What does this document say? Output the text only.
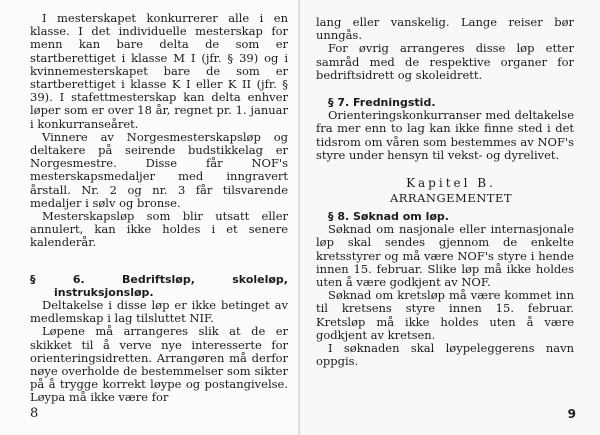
I mesterskapet konkurrerer alle i en klasse. I det individuelle mesterskap for menn kan bare delta de som er startberettiget i klasse M I (jfr. § 39) og i kvinnemesterskapet bare de som er startberettiget i klasse K I eller K II (jfr. § 39). I stafettmesterskap kan delta enhver løper som er over 18 år, regnet pr. 1. januar i konkurranseåret.

Vinnere av Norgesmesterskapsløp og deltakere på seirende budstikkelag er Norgesmestre. Disse får NOF's mesterskapsmedaljer med inngravert årstall. Nr. 2 og nr. 3 får tilsvarende medaljer i sølv og bronse.

Mesterskapsløp som blir utsatt eller annulert, kan ikke holdes i et senere kalenderår.

§ 6. Bedriftsløp, skoleløp, instruksjonsløp.

Deltakelse i disse løp er ikke betinget av medlemskap i lag tilsluttet NIF.

Løpene må arrangeres slik at de er skikket til å verve nye interesserte for orienteringsidretten. Arrangøren må derfor nøye overholde de bestemmelser som sikter på å trygge korrekt løype og postangivelse. Løypa må ikke være for

8

lang eller vanskelig. Lange reiser bør unngås.

For øvrig arrangeres disse løp etter samråd med de respektive organer for bedriftsidrett og skoleidrett.

§ 7. Fredningstid.

Orienteringskonkurranser med deltakelse fra mer enn to lag kan ikke finne sted i det tidsrom om våren som bestemmes av NOF's styre under hensyn til vekst- og dyrelivet.

Kapitel B.

ARRANGEMENTET

§ 8. Søknad om løp.

Søknad om nasjonale eller internasjonale løp skal sendes gjennom de enkelte kretsstyrer og må være NOF's styre i hende innen 15. februar. Slike løp må ikke holdes uten å være godkjent av NOF.

Søknad om kretsløp må være kommet inn til kretsens styre innen 15. februar. Kretsløp må ikke holdes uten å være godkjent av kretsen.

I søknaden skal løypeleggerens navn oppgis.

9
